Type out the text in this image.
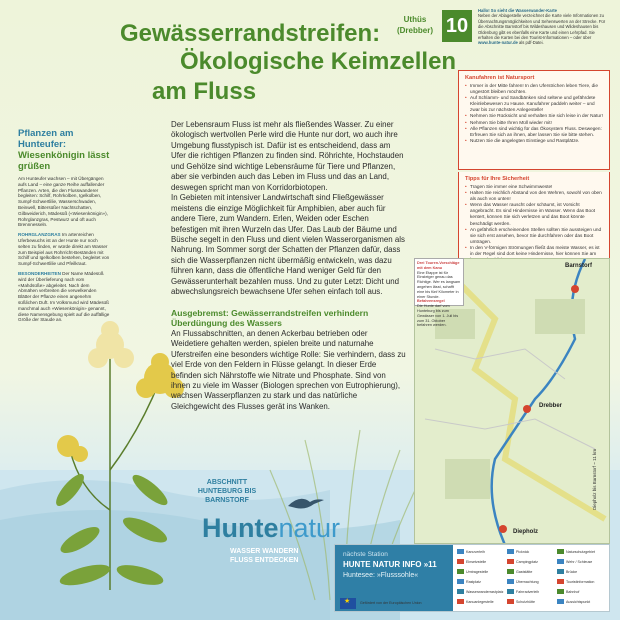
Gewässerrandstreifen:
Ökologische Keimzellen
am Fluss
Uthüs (Drebber) 10
Hallo! So sieht die Wasserwander-Karte
Neben der Ablagestelle verzeichnet die Karte viele Informationen zu Übernachtungsmöglichkeiten und Sehenswerten an der Strecke. Für die Abschnitte Barnstorf bis Wildeshausen und Wildeshausen bis Oldenburg gibt es ebenfalls eine Karte und einen Lehrpfad. Sie erhalten die Karten bei den Tourist-Informationen – oder über www.hunte-natur.de als pdf-Datei.
Pflanzen am
Hunteufer:
Wiesenkönigin lässt grüßen

Am Hunteufer wachsen – mit Übergängen aufs Land – eine ganze Reihe auffallender Pflanzen. Arten, die den Flusswanderer begleiten: Schilf, Rohrkolben, Igelkolben, Sumpf-Schwertlilie, Wasserschwaden, Beinwell, Bittersüßer Nachtschatten, Gilbweiderich, Mädesüß («Wiesenkönigin»), Rohrglanzgras, Pestwurz und oft auch Brennnesseln.

ROHRGLANZGRAS Im artenreichen Uferbewuchs ist an der Hunte nur noch selten zu finden, er würde direkt am Wasser zum Beispiel aus Rohrricht-Beständen mit Schilf und Igelkolben bestehen, begleitet von Sumpf-Schwertlilie und Pfeilkraut.

BESONDERHEITEN Der Name Mädesüß wird der Überlieferung nach vom «Mahdsüße» abgeleitet. Nach dem Abmähen verbreiten die verwelkenden Blätter der Pflanze einen angenehm süßlichen Duft. Im Volksmund wird Mädesüß manchmal auch «Wiesenkönigin» genannt, diese Namensgebung spielt auf die auffällige Größe der Staude an.

Der Lebensraum Fluss ist mehr als fließendes Wasser. Zu einer ökologisch wertvollen Perle wird die Hunte nur dort, wo auch ihre Umgebung flusstypisch ist. Dafür ist es entscheidend, dass am Ufer die richtigen Pflanzen zu finden sind. Röhrichte, Hochstauden und Gehölze sind wichtige Lebensräume für Tiere und Pflanzen, aber sie verbinden auch das Leben im Fluss und das an Land, deswegen spricht man von Korridorbiotopen.

In Gebieten mit intensiver Landwirtschaft sind Fließgewässer meistens die einzige Möglichkeit für Amphibien, aber auch für andere Tiere, zum Wandern. Erlen, Weiden oder Eschen befestigen mit ihren Wurzeln das Ufer. Das Laub der Bäume und Büsche segelt in den Fluss und dient vielen Wasserorganismen als Nahrung. Im Sommer sorgt der Schatten der Pflanzen dafür, dass sich die Wasserpflanzen nicht übermäßig entwickeln, was dazu führen kann, dass die öffentliche Hand weniger Geld für den Gewässerunterhalt bezahlen muss. Und zu guter Letzt: Dicht und abwechslungsreich bewachsene Ufer sehen einfach toll aus.

Ausgebremst: Gewässerrandstreifen verhindern Überdüngung des Wassers

An Flussabschnitten, an denen Ackerbau betrieben oder Weidetiere gehalten werden, spielen breite und naturnahe Uferstreifen eine besonders wichtige Rolle: Sie verhindern, dass zu viel Erde von den Feldern in Flüsse gelangt. In dieser Erde befinden sich Nährstoffe wie Nitrate und Phosphate. Sind von ihnen zu viele im Wasser (Biologen sprechen von Eutrophierung), wachsen Wasserpflanzen zu stark und das natürliche Gleichgewicht des Flusses gerät ins Wanken.

Kanufahren ist Natursport
• Immer in der Mitte fahren! In den Uferstrichen leben Tiere, die ungestört bleiben möchten.
• Auf Schlamm- und Sandbänken sind seltene und gefährdete Kleinlebewesen zu Hause. Kanufahrer paddeln weiter – und zwar bis zur nächsten Anlegestelle!
• Nehmen Sie Rücksicht und verhalten Sie sich leise in der Natur!
• Nehmen Sie bitte Ihren Müll wieder mit!
• Alle Pflanzen sind wichtig für das Ökosystem Fluss. Deswegen: Erfreuen Sie sich an ihnen, aber lassen Sie sie bitte stehen.
• Nutzen Sie die angelegten Einstiege und Rastplätze.
Tipps für Ihre Sicherheit
• Tragen Sie immer eine Schwimmweste!
• Halten Sie reichlich Abstand von den Wehren, sowohl von oben als auch von unten!
• Wenn das Wasser rauscht oder schäumt, ist Vorsicht angebracht. Es sind Hindernisse im Wasser. Wenn das Boot kentert, können Sie sich verletzen und das Boot könnte beschädigt werden.
• An gefährlich erscheinenden Stellen sollten Sie aussteigen und sie sich erst ansehen, bevor Sie durchfahren oder das Boot umtragen.
• In den V-förmigen Strömungen fließt das meiste Wasser, es ist in der Regel sind dort keine Hindernisse, hier können Sie am
•
Barnstorf
Drebber
Diepholz
Drei Touren-Vorschläge mit dem Kanu
Eine Etappe ist für Einsteiger genau das Richtige. Wer es langsam angehen lässt, schafft eine bis fünf Kilometer in einer Stunde.
Befahrensregel
Die Hunte darf vom Hunteburg bis zum Gewässer von 1. Juli bis zum 31. Oktober befahren werden.
Diepholz bis Barnstorf ~ 11 km
ABSCHNITT
HUNTEBURG BIS
BARNSTORF
Huntenatur
WASSER WANDERN
FLUSS ENTDECKEN
nächste Station
HUNTE NATUR INFO »11
Huntesee: »Flusssohle«
Kanuverleih
Einsetzstelle
Umtragestelle
Rastplatz
Wasserwanderrastplatz
Kanuanlegestelle
Picknick
Campingplatz
Gaststätte
Übernachtung
Fahrradverleih
Schutzhütte
Naturschutzgebiet
Wehr / Schleuse
Brücke
Touristinformation
Bahnhof
Aussichtspunkt
★
Gefördert von der Europäischen Union
